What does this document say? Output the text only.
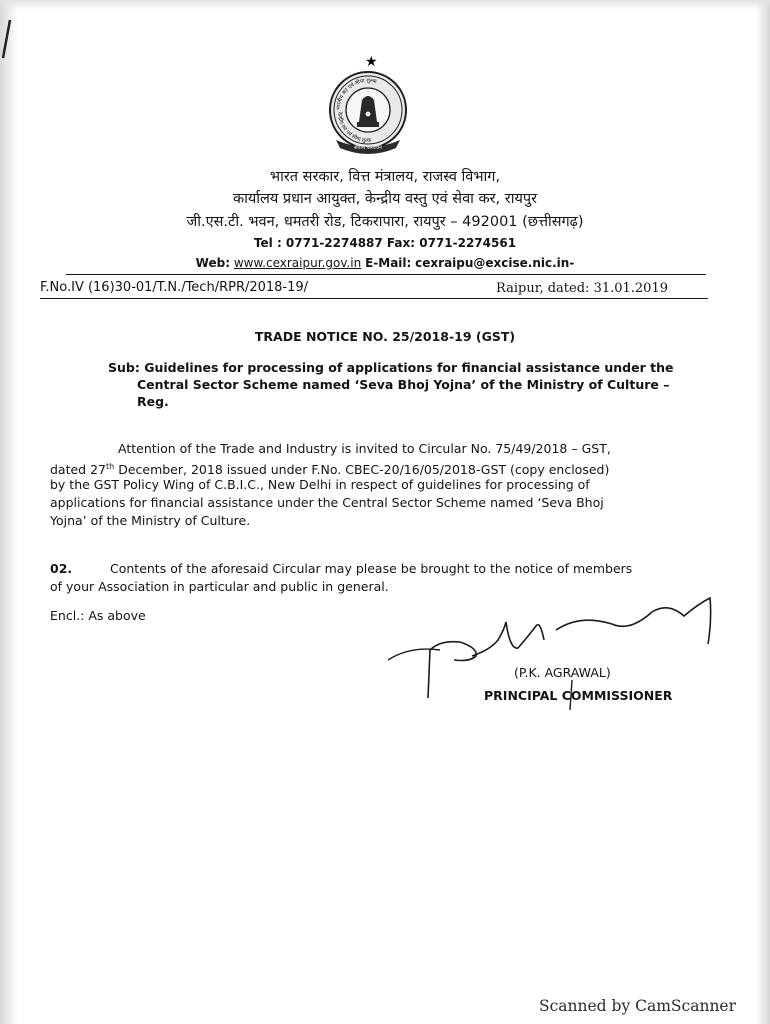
★
भारतीय कर एवं सीमा शुल्क
केन्द्रीय कर एवं सीमा शुल्क
सेवार्थ करवंचन
भारत सरकार, वित्त मंत्रालय, राजस्व विभाग,
कार्यालय प्रधान आयुक्त, केन्द्रीय वस्तु एवं सेवा कर, रायपुर
जी.एस.टी. भवन, धमतरी रोड, टिकरापारा, रायपुर – 492001 (छत्तीसगढ़)
Tel : 0771-2274887 Fax: 0771-2274561
Web: www.cexraipur.gov.in E-Mail: cexraipu@excise.nic.in-
F.No.IV (16)30-01/T.N./Tech/RPR/2018-19/	Raipur, dated: 31.01.2019
TRADE NOTICE NO. 25/2018-19 (GST)
Sub: Guidelines for processing of applications for financial assistance under the
Central Sector Scheme named ‘Seva Bhoj Yojna’ of the Ministry of Culture –
Reg.
Attention of the Trade and Industry is invited to Circular No. 75/49/2018 – GST,
dated 27th December, 2018 issued under F.No. CBEC-20/16/05/2018-GST (copy enclosed)
by the GST Policy Wing of C.B.I.C., New Delhi in respect of guidelines for processing of
applications for financial assistance under the Central Sector Scheme named ‘Seva Bhoj
Yojna’ of the Ministry of Culture.
02.	Contents of the aforesaid Circular may please be brought to the notice of members
of your Association in particular and public in general.
Encl.: As above
(P.K. AGRAWAL)
PRINCIPAL COMMISSIONER
Scanned by CamScanner
